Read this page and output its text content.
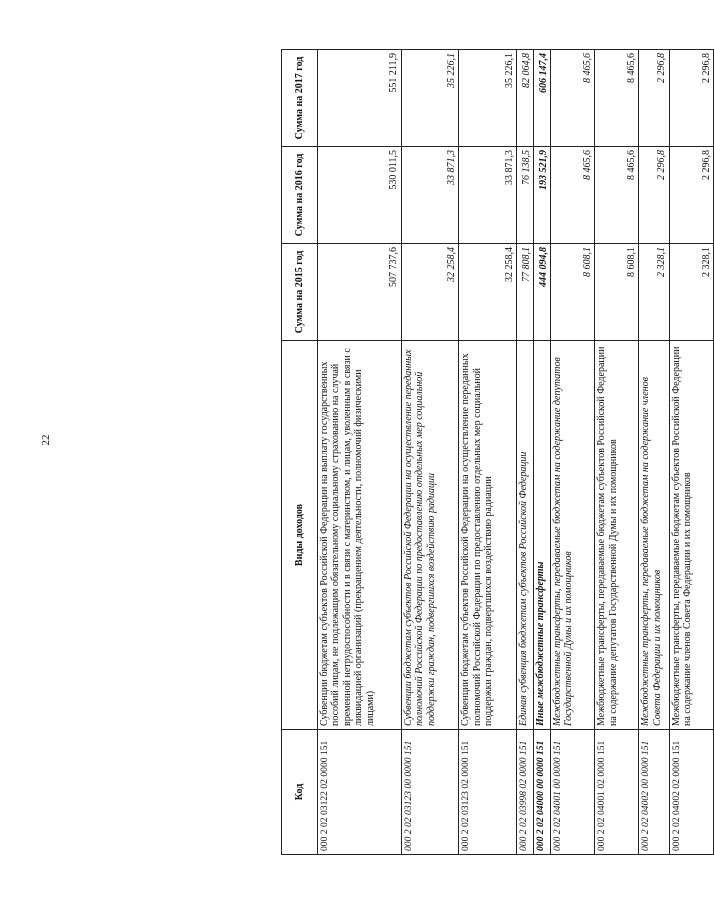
22
Код	Виды доходов	Сумма на 2015 год	Сумма на 2016 год	Сумма на 2017 год
000 2 02 03122 02 0000 151	Субвенции бюджетам субъектов Российской Федерации на выплату государственных пособий лицам, не подлежащим обязательному социальному страхованию на случай временной нетрудоспособности и в связи с материнством, и лицам, уволенным в связи с ликвидацией организаций (прекращением деятельности, полномочий физическими лицами)	507 737,6	530 011,5	551 211,9
000 2 02 03123 00 0000 151	Субвенции бюджетам субъектов Российской Федерации на осуществление переданных полномочий Российской Федерации по предоставлению отдельных мер социальной поддержки граждан, подвергшихся воздействию радиации	32 258,4	33 871,3	35 226,1
000 2 02 03123 02 0000 151	Субвенции бюджетам субъектов Российской Федерации на осуществление переданных полномочий Российской Федерации по предоставлению отдельных мер социальной поддержки граждан, подвергшихся воздействию радиации	32 258,4	33 871,3	35 226,1
000 2 02 03998 02 0000 151	Единая субвенция бюджетам субъектов Российской Федерации	77 808,1	76 138,5	82 064,8
000 2 02 04000 00 0000 151	Иные межбюджетные трансферты	444 094,8	193 521,9	606 147,4
000 2 02 04001 00 0000 151	Межбюджетные трансферты, передаваемые бюджетам на содержание депутатов Государственной Думы и их помощников	8 608,1	8 465,6	8 465,6
000 2 02 04001 02 0000 151	Межбюджетные трансферты, передаваемые бюджетам субъектов Российской Федерации на содержание депутатов Государственной Думы и их помощников	8 608,1	8 465,6	8 465,6
000 2 02 04002 00 0000 151	Межбюджетные трансферты, передаваемые бюджетам на содержание членов Совета Федерации и их помощников	2 328,1	2 296,8	2 296,8
000 2 02 04002 02 0000 151	Межбюджетные трансферты, передаваемые бюджетам субъектов Российской Федерации на содержание членов Совета Федерации и их помощников	2 328,1	2 296,8	2 296,8
